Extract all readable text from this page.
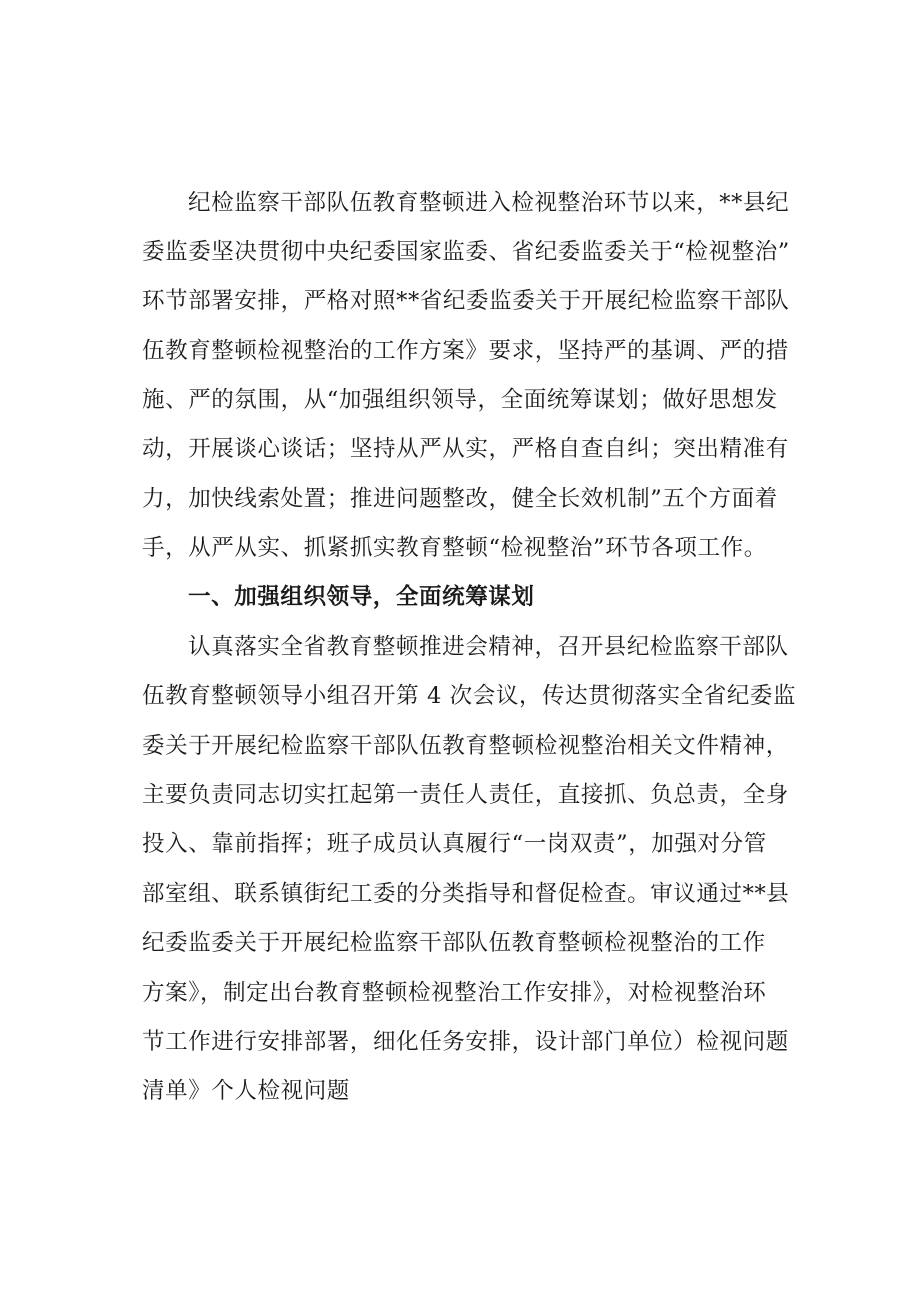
纪检监察干部队伍教育整顿进入检视整治环节以来，**县纪
委监委坚决贯彻中央纪委国家监委、省纪委监委关于“检视整治”
环节部署安排，严格对照**省纪委监委关于开展纪检监察干部队
伍教育整顿检视整治的工作方案》要求，坚持严的基调、严的措
施、严的氛围，从“加强组织领导，全面统筹谋划；做好思想发
动，开展谈心谈话；坚持从严从实，严格自查自纠；突出精准有
力，加快线索处置；推进问题整改，健全长效机制”五个方面着
手，从严从实、抓紧抓实教育整顿“检视整治”环节各项工作。
一、加强组织领导，全面统筹谋划
认真落实全省教育整顿推进会精神，召开县纪检监察干部队
伍教育整顿领导小组召开第 4 次会议，传达贯彻落实全省纪委监
委关于开展纪检监察干部队伍教育整顿检视整治相关文件精神，
主要负责同志切实扛起第一责任人责任，直接抓、负总责，全身
投入、靠前指挥；班子成员认真履行“一岗双责”，加强对分管
部室组、联系镇街纪工委的分类指导和督促检查。审议通过**县
纪委监委关于开展纪检监察干部队伍教育整顿检视整治的工作
方案》，制定出台教育整顿检视整治工作安排》，对检视整治环
节工作进行安排部署，细化任务安排，设计部门单位）检视问题
清单》个人检视问题
